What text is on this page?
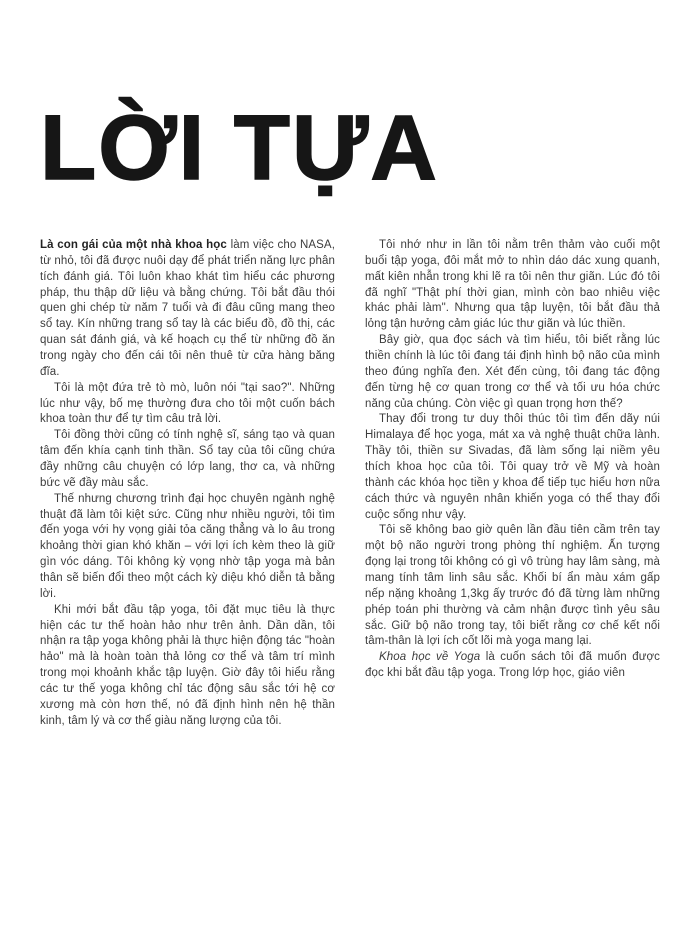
LỜI TỰA

Là con gái của một nhà khoa học làm việc cho NASA, từ nhỏ, tôi đã được nuôi dạy để phát triển năng lực phân tích đánh giá. Tôi luôn khao khát tìm hiểu các phương pháp, thu thập dữ liệu và bằng chứng. Tôi bắt đầu thói quen ghi chép từ năm 7 tuổi và đi đâu cũng mang theo sổ tay. Kín những trang sổ tay là các biểu đồ, đồ thị, các quan sát đánh giá, và kế hoạch cụ thể từ những đồ ăn trong ngày cho đến cái tôi nên thuê từ cửa hàng băng đĩa.

Tôi là một đứa trẻ tò mò, luôn nói "tại sao?". Những lúc như vậy, bố mẹ thường đưa cho tôi một cuốn bách khoa toàn thư để tự tìm câu trả lời.

Tôi đồng thời cũng có tính nghệ sĩ, sáng tạo và quan tâm đến khía cạnh tinh thần. Sổ tay của tôi cũng chứa đầy những câu chuyện có lớp lang, thơ ca, và những bức vẽ đầy màu sắc.

Thế nhưng chương trình đại học chuyên ngành nghệ thuật đã làm tôi kiệt sức. Cũng như nhiều người, tôi tìm đến yoga với hy vọng giải tỏa căng thẳng và lo âu trong khoảng thời gian khó khăn – với lợi ích kèm theo là giữ gìn vóc dáng. Tôi không kỳ vọng nhờ tập yoga mà bản thân sẽ biến đổi theo một cách kỳ diệu khó diễn tả bằng lời.

Khi mới bắt đầu tập yoga, tôi đặt mục tiêu là thực hiện các tư thế hoàn hảo như trên ảnh. Dần dần, tôi nhận ra tập yoga không phải là thực hiện động tác "hoàn hảo" mà là hoàn toàn thả lỏng cơ thể và tâm trí mình trong mọi khoảnh khắc tập luyện. Giờ đây tôi hiểu rằng các tư thế yoga không chỉ tác động sâu sắc tới hệ cơ xương mà còn hơn thế, nó đã định hình nên hệ thần kinh, tâm lý và cơ thể giàu năng lượng của tôi.

Tôi nhớ như in lần tôi nằm trên thảm vào cuối một buổi tập yoga, đôi mắt mở to nhìn dáo dác xung quanh, mất kiên nhẫn trong khi lẽ ra tôi nên thư giãn. Lúc đó tôi đã nghĩ "Thật phí thời gian, mình còn bao nhiêu việc khác phải làm". Nhưng qua tập luyện, tôi bắt đầu thả lỏng tận hưởng cảm giác lúc thư giãn và lúc thiền.

Bây giờ, qua đọc sách và tìm hiểu, tôi biết rằng lúc thiền chính là lúc tôi đang tái định hình bộ não của mình theo đúng nghĩa đen. Xét đến cùng, tôi đang tác động đến từng hệ cơ quan trong cơ thể và tối ưu hóa chức năng của chúng. Còn việc gì quan trọng hơn thế?

Thay đổi trong tư duy thôi thúc tôi tìm đến dãy núi Himalaya để học yoga, mát xa và nghệ thuật chữa lành. Thầy tôi, thiền sư Sivadas, đã làm sống lại niềm yêu thích khoa học của tôi. Tôi quay trở về Mỹ và hoàn thành các khóa học tiền y khoa để tiếp tục hiểu hơn nữa cách thức và nguyên nhân khiến yoga có thể thay đổi cuộc sống như vậy.

Tôi sẽ không bao giờ quên lần đầu tiên cầm trên tay một bộ não người trong phòng thí nghiệm. Ấn tượng đọng lại trong tôi không có gì vô trùng hay lâm sàng, mà mang tính tâm linh sâu sắc. Khối bí ẩn màu xám gấp nếp nặng khoảng 1,3kg ấy trước đó đã từng làm những phép toán phi thường và cảm nhận được tình yêu sâu sắc. Giữ bộ não trong tay, tôi biết rằng cơ chế kết nối tâm-thân là lợi ích cốt lõi mà yoga mang lại.

Khoa học về Yoga là cuốn sách tôi đã muốn được đọc khi bắt đầu tập yoga. Trong lớp học, giáo viên
